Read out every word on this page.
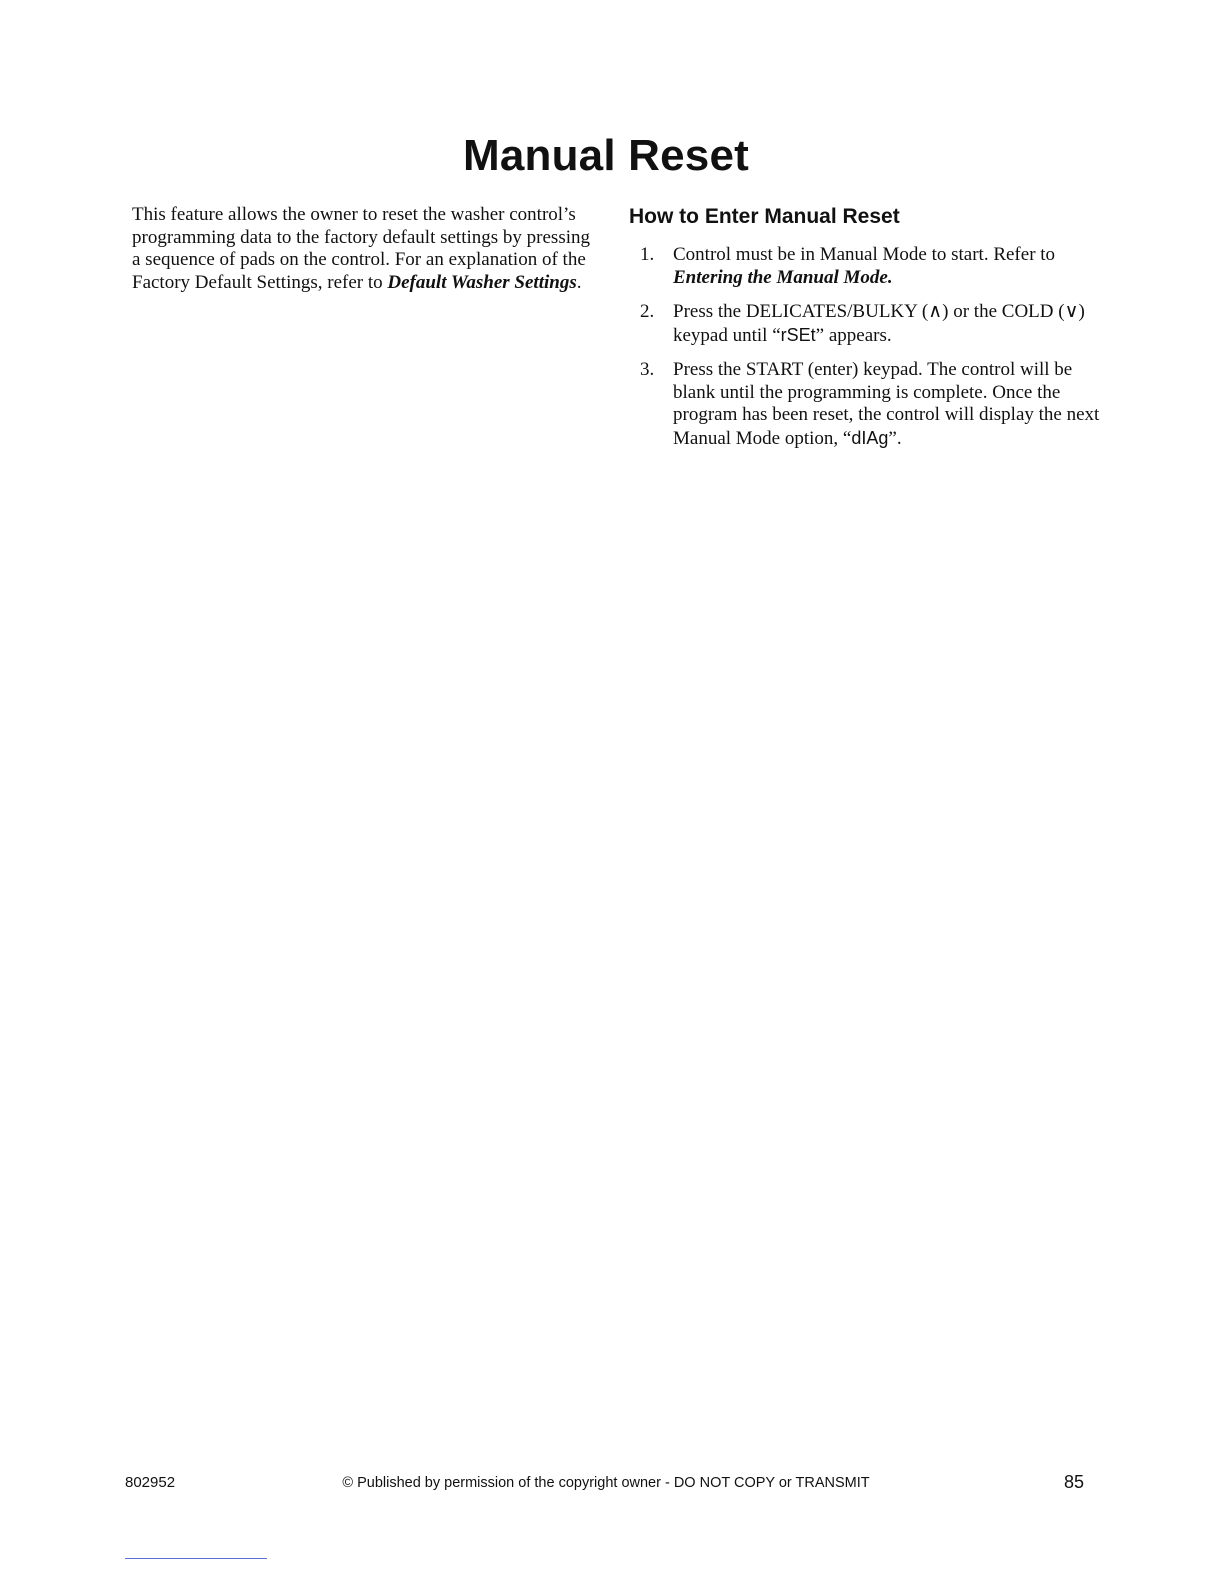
Manual Reset

This feature allows the owner to reset the washer control’s programming data to the factory default settings by pressing a sequence of pads on the control. For an explanation of the Factory Default Settings, refer to Default Washer Settings.

How to Enter Manual Reset
1. Control must be in Manual Mode to start. Refer to Entering the Manual Mode.
2. Press the DELICATES/BULKY (∧) or the COLD (∨) keypad until “rSEt” appears.
3. Press the START (enter) keypad. The control will be blank until the programming is complete. Once the program has been reset, the control will display the next Manual Mode option, “dIAg”.
802952	© Published by permission of the copyright owner - DO NOT COPY or TRANSMIT	85
